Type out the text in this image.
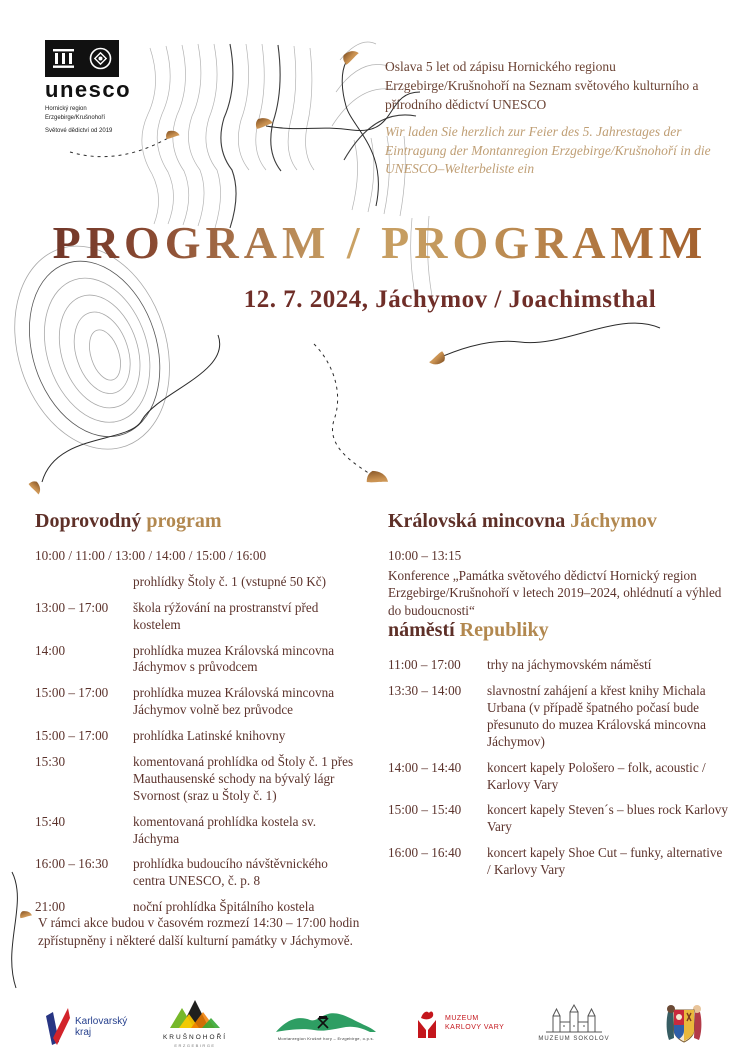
unesco
Hornický region
Erzgebirge/Krušnohoří
Světové dědictví od 2019

Oslava 5 let od zápisu Hornického regionu Erzgebirge/Krušnohoří na Seznam světového kulturního a přírodního dědictví UNESCO

Wir laden Sie herzlich zur Feier des 5. Jahrestages der Eintragung der Montanregion Erzgebirge/Krušnohoří in die UNESCO–Welterbeliste ein

PROGRAM / PROGRAMM
12. 7. 2024, Jáchymov / Joachimsthal
Doprovodný program
10:00 / 11:00 / 13:00 / 14:00 / 15:00 / 16:00
prohlídky Štoly č. 1 (vstupné 50 Kč)
13:00 – 17:00	škola rýžování na prostranství před kostelem
14:00	prohlídka muzea Královská mincovna Jáchymov s průvodcem
15:00 – 17:00	prohlídka muzea Královská mincovna Jáchymov volně bez průvodce
15:00 – 17:00	prohlídka Latinské knihovny
15:30	komentovaná prohlídka od Štoly č. 1 přes Mauthausenské schody na bývalý lágr Svornost (sraz u Štoly č. 1)
15:40	komentovaná prohlídka kostela sv. Jáchyma
16:00 – 16:30	prohlídka budoucího návštěvnického centra UNESCO, č. p. 8
21:00	noční prohlídka Špitálního kostela
Královská mincovna Jáchymov

10:00 – 13:15

Konference „Památka světového dědictví Hornický region Erzgebirge/Krušnohoří v letech 2019–2024, ohlédnutí a výhled do budoucnosti“

náměstí Republiky
11:00 – 17:00	trhy na jáchymovském náměstí
13:30 – 14:00	slavnostní zahájení a křest knihy Michala Urbana (v případě špatného počasí bude přesunuto do muzea Královská mincovna Jáchymov)
14:00 – 14:40	koncert kapely Pološero – folk, acoustic / Karlovy Vary
15:00 – 15:40	koncert kapely Steven´s – blues rock Karlovy Vary
16:00 – 16:40	koncert kapely Shoe Cut – funky, alternative / Karlovy Vary

V rámci akce budou v časovém rozmezí 14:30 – 17:00 hodin zpřístupněny i některé další kulturní památky v Jáchymově.

Karlovarský
kraj	KRUŠNOHOŘÍ
ERZGEBIRGE
Montanregion Krušné hory – Erzgebirge, o.p.s.
MUZEUM
KARLOVY VARY
MUZEUM SOKOLOV
